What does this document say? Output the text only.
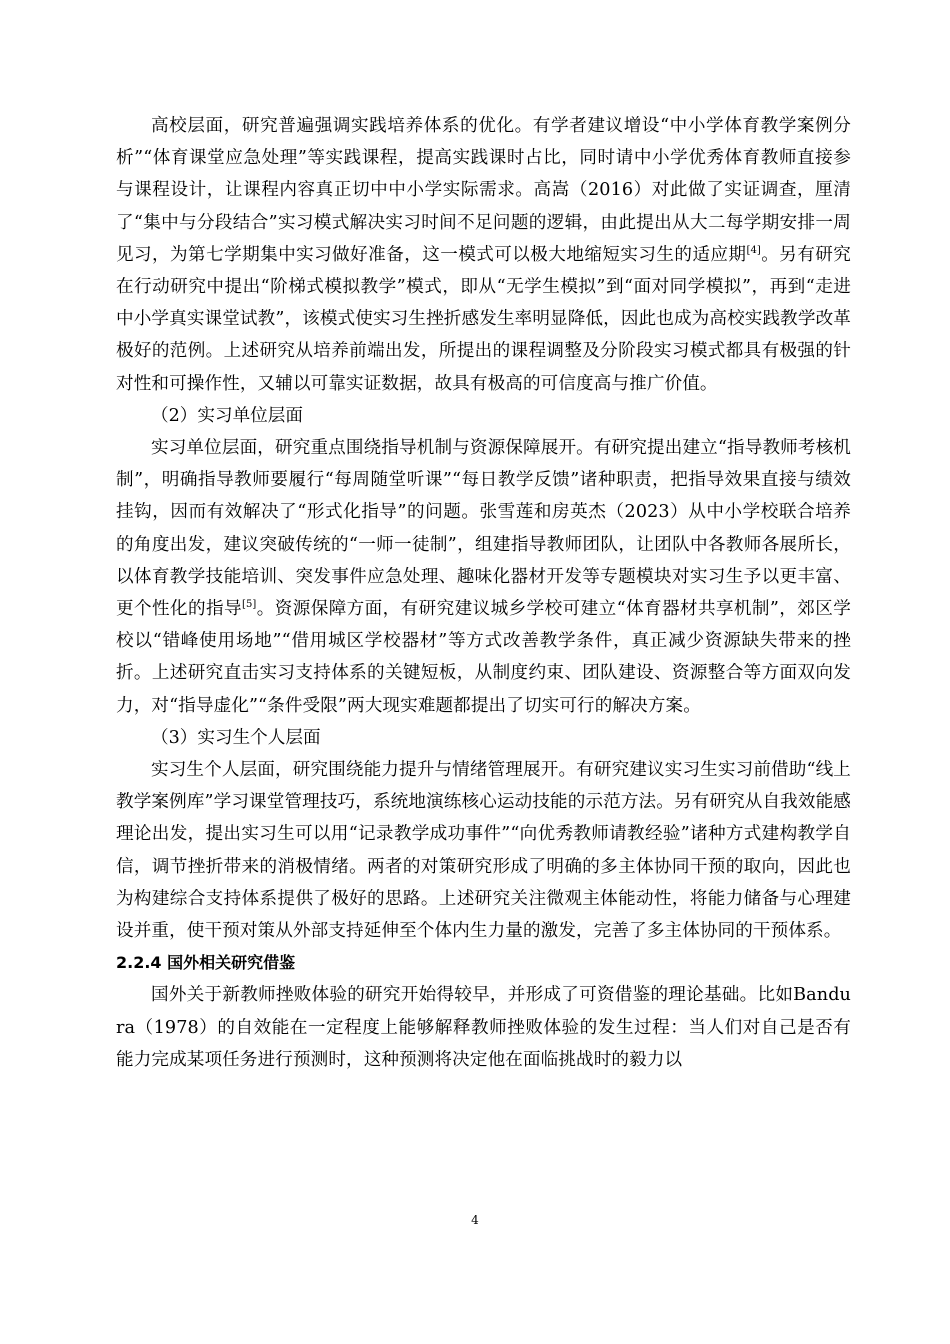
高校层面，研究普遍强调实践培养体系的优化。有学者建议增设“中小学体育教学案例分析”“体育课堂应急处理”等实践课程，提高实践课时占比，同时请中小学优秀体育教师直接参与课程设计，让课程内容真正切中中小学实际需求。高嵩（2016）对此做了实证调查，厘清了“集中与分段结合”实习模式解决实习时间不足问题的逻辑，由此提出从大二每学期安排一周见习，为第七学期集中实习做好准备，这一模式可以极大地缩短实习生的适应期[4]。另有研究在行动研究中提出“阶梯式模拟教学”模式，即从“无学生模拟”到“面对同学模拟”，再到“走进中小学真实课堂试教”，该模式使实习生挫折感发生率明显降低，因此也成为高校实践教学改革极好的范例。上述研究从培养前端出发，所提出的课程调整及分阶段实习模式都具有极强的针对性和可操作性，又辅以可靠实证数据，故具有极高的可信度高与推广价值。

（2）实习单位层面

实习单位层面，研究重点围绕指导机制与资源保障展开。有研究提出建立“指导教师考核机制”，明确指导教师要履行“每周随堂听课”“每日教学反馈”诸种职责，把指导效果直接与绩效挂钩，因而有效解决了“形式化指导”的问题。张雪莲和房英杰（2023）从中小学校联合培养的角度出发，建议突破传统的“一师一徒制”，组建指导教师团队，让团队中各教师各展所长，以体育教学技能培训、突发事件应急处理、趣味化器材开发等专题模块对实习生予以更丰富、更个性化的指导[5]。资源保障方面，有研究建议城乡学校可建立“体育器材共享机制”，郊区学校以“错峰使用场地”“借用城区学校器材”等方式改善教学条件，真正减少资源缺失带来的挫折。上述研究直击实习支持体系的关键短板，从制度约束、团队建设、资源整合等方面双向发力，对“指导虚化”“条件受限”两大现实难题都提出了切实可行的解决方案。

（3）实习生个人层面

实习生个人层面，研究围绕能力提升与情绪管理展开。有研究建议实习生实习前借助“线上教学案例库”学习课堂管理技巧，系统地演练核心运动技能的示范方法。另有研究从自我效能感理论出发，提出实习生可以用“记录教学成功事件”“向优秀教师请教经验”诸种方式建构教学自信，调节挫折带来的消极情绪。两者的对策研究形成了明确的多主体协同干预的取向，因此也为构建综合支持体系提供了极好的思路。上述研究关注微观主体能动性，将能力储备与心理建设并重，使干预对策从外部支持延伸至个体内生力量的激发，完善了多主体协同的干预体系。

2.2.4 国外相关研究借鉴

国外关于新教师挫败体验的研究开始得较早，并形成了可资借鉴的理论基础。比如Bandura（1978）的自效能在一定程度上能够解释教师挫败体验的发生过程：当人们对自己是否有能力完成某项任务进行预测时，这种预测将决定他在面临挑战时的毅力以

4
